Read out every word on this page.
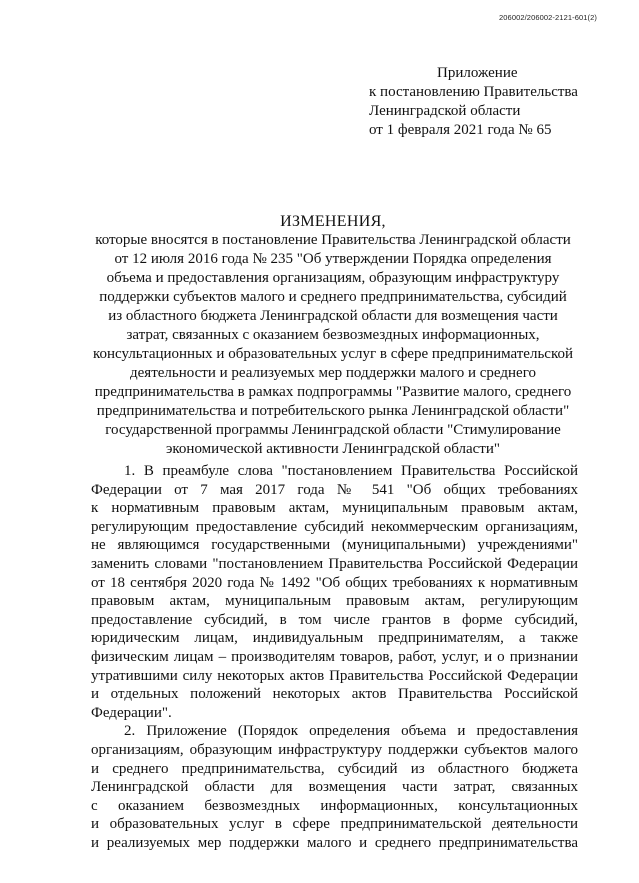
206002/206002-2121-601(2)
Приложение
к постановлению Правительства
Ленинградской области
от 1 февраля 2021 года № 65
ИЗМЕНЕНИЯ,
которые вносятся в постановление Правительства Ленинградской области
от 12 июля 2016 года № 235 "Об утверждении Порядка определения
объема и предоставления организациям, образующим инфраструктуру
поддержки субъектов малого и среднего предпринимательства, субсидий
из областного бюджета Ленинградской области для возмещения части
затрат, связанных с оказанием безвозмездных информационных,
консультационных и образовательных услуг в сфере предпринимательской
деятельности и реализуемых мер поддержки малого и среднего
предпринимательства в рамках подпрограммы "Развитие малого, среднего
предпринимательства и потребительского рынка Ленинградской области"
государственной программы Ленинградской области "Стимулирование
экономической активности Ленинградской области"
1. В преамбуле слова "постановлением Правительства Российской
Федерации от 7 мая 2017 года № 541 "Об общих требованиях
к нормативным правовым актам, муниципальным правовым актам,
регулирующим предоставление субсидий некоммерческим организациям,
не являющимся государственными (муниципальными) учреждениями"
заменить словами "постановлением Правительства Российской Федерации
от 18 сентября 2020 года № 1492 "Об общих требованиях к нормативным
правовым актам, муниципальным правовым актам, регулирующим
предоставление субсидий, в том числе грантов в форме субсидий,
юридическим лицам, индивидуальным предпринимателям, а также
физическим лицам – производителям товаров, работ, услуг, и о признании
утратившими силу некоторых актов Правительства Российской Федерации
и отдельных положений некоторых актов Правительства Российской
Федерации".
2. Приложение (Порядок определения объема и предоставления
организациям, образующим инфраструктуру поддержки субъектов малого
и среднего предпринимательства, субсидий из областного бюджета
Ленинградской области для возмещения части затрат, связанных
с оказанием безвозмездных информационных, консультационных
и образовательных услуг в сфере предпринимательской деятельности
и реализуемых мер поддержки малого и среднего предпринимательства
